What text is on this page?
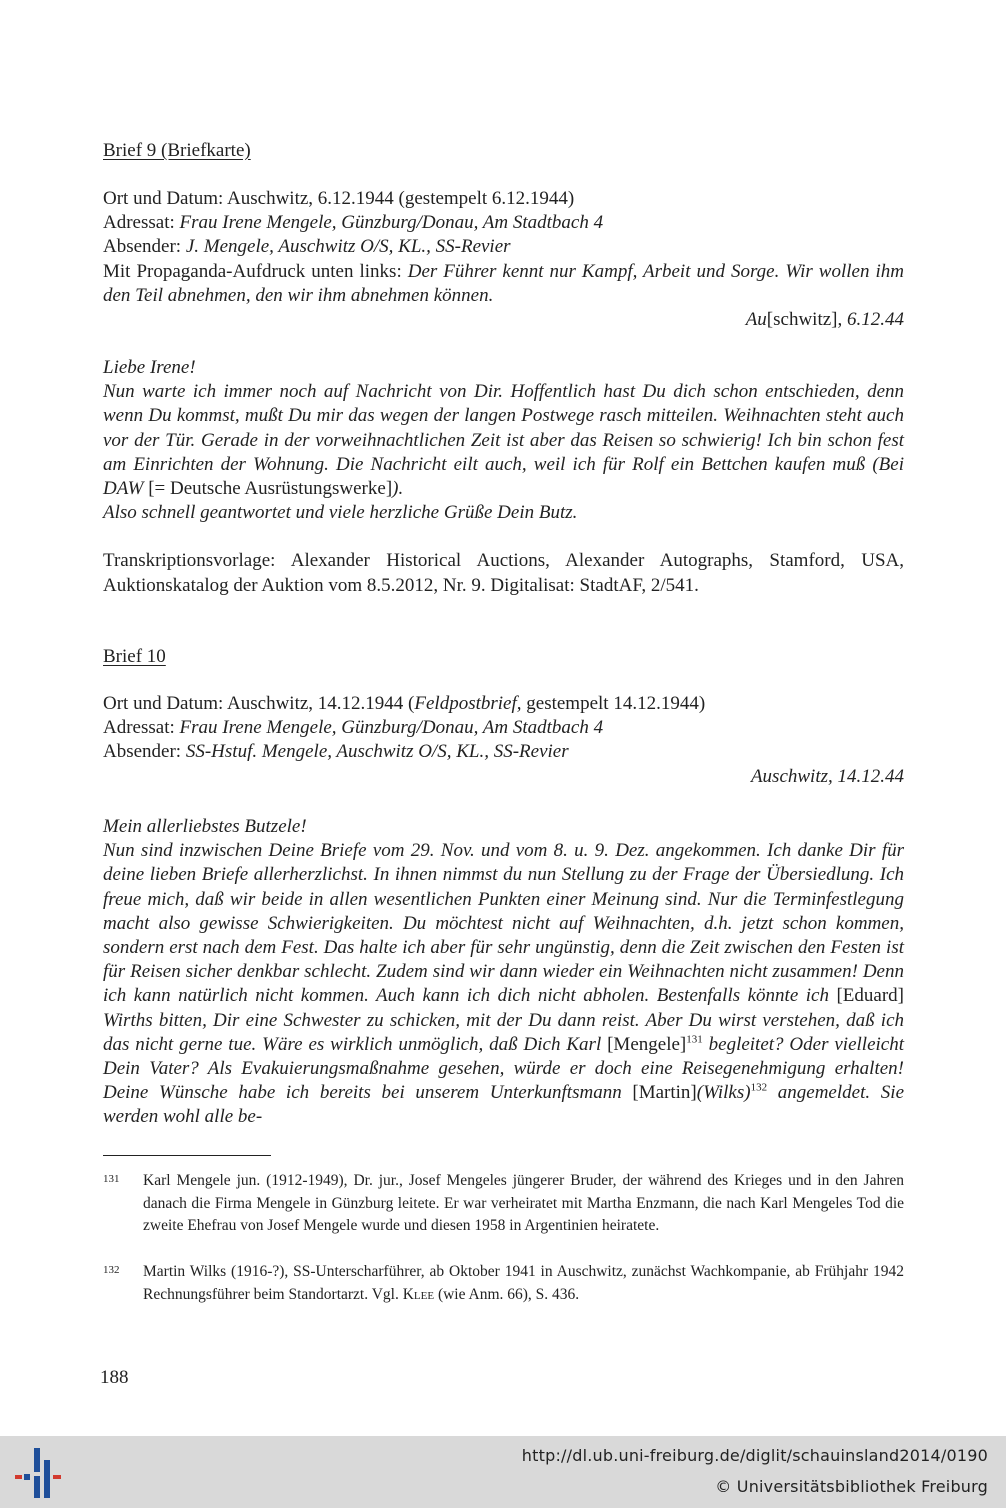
Brief 9 (Briefkarte)
Ort und Datum: Auschwitz, 6.12.1944 (gestempelt 6.12.1944)
Adressat: Frau Irene Mengele, Günzburg/Donau, Am Stadtbach 4
Absender: J. Mengele, Auschwitz O/S, KL., SS-Revier
Mit Propaganda-Aufdruck unten links: Der Führer kennt nur Kampf, Arbeit und Sorge. Wir wollen ihm den Teil abnehmen, den wir ihm abnehmen können.
Au[schwitz], 6.12.44

Liebe Irene!

Nun warte ich immer noch auf Nachricht von Dir. Hoffentlich hast Du dich schon entschieden, denn wenn Du kommst, mußt Du mir das wegen der langen Postwege rasch mitteilen. Weihnachten steht auch vor der Tür. Gerade in der vorweihnachtlichen Zeit ist aber das Reisen so schwierig! Ich bin schon fest am Einrichten der Wohnung. Die Nachricht eilt auch, weil ich für Rolf ein Bettchen kaufen muß (Bei DAW [= Deutsche Ausrüstungswerke]).

Also schnell geantwortet und viele herzliche Grüße Dein Butz.

Transkriptionsvorlage: Alexander Historical Auctions, Alexander Autographs, Stamford, USA, Auktionskatalog der Auktion vom 8.5.2012, Nr. 9. Digitalisat: StadtAF, 2/541.
Brief 10
Ort und Datum: Auschwitz, 14.12.1944 (Feldpostbrief, gestempelt 14.12.1944)
Adressat: Frau Irene Mengele, Günzburg/Donau, Am Stadtbach 4
Absender: SS-Hstuf. Mengele, Auschwitz O/S, KL., SS-Revier
Auschwitz, 14.12.44

Mein allerliebstes Butzele!

Nun sind inzwischen Deine Briefe vom 29. Nov. und vom 8. u. 9. Dez. angekommen. Ich danke Dir für deine lieben Briefe allerherzlichst. In ihnen nimmst du nun Stellung zu der Frage der Übersiedlung. Ich freue mich, daß wir beide in allen wesentlichen Punkten einer Meinung sind. Nur die Terminfestlegung macht also gewisse Schwierigkeiten. Du möchtest nicht auf Weihnachten, d.h. jetzt schon kommen, sondern erst nach dem Fest. Das halte ich aber für sehr ungünstig, denn die Zeit zwischen den Festen ist für Reisen sicher denkbar schlecht. Zudem sind wir dann wieder ein Weihnachten nicht zusammen! Denn ich kann natürlich nicht kommen. Auch kann ich dich nicht abholen. Bestenfalls könnte ich [Eduard] Wirths bitten, Dir eine Schwester zu schicken, mit der Du dann reist. Aber Du wirst verstehen, daß ich das nicht gerne tue. Wäre es wirklich unmöglich, daß Dich Karl [Mengele]$^{131}$ begleitet? Oder vielleicht Dein Vater? Als Evakuierungsmaßnahme gesehen, würde er doch eine Reisegenehmigung erhalten! Deine Wünsche habe ich bereits bei unserem Unterkunftsmann [Martin](Wilks)$^{132}$ angemeldet. Sie werden wohl alle be-

131 Karl Mengele jun. (1912-1949), Dr. jur., Josef Mengeles jüngerer Bruder, der während des Krieges und in den Jahren danach die Firma Mengele in Günzburg leitete. Er war verheiratet mit Martha Enzmann, die nach Karl Mengeles Tod die zweite Ehefrau von Josef Mengele wurde und diesen 1958 in Argentinien heiratete.
132 Martin Wilks (1916-?), SS-Unterscharführer, ab Oktober 1941 in Auschwitz, zunächst Wachkompanie, ab Frühjahr 1942 Rechnungsführer beim Standortarzt. Vgl. Klee (wie Anm. 66), S. 436.
188
http://dl.ub.uni-freiburg.de/diglit/schauinsland2014/0190
© Universitätsbibliothek Freiburg
